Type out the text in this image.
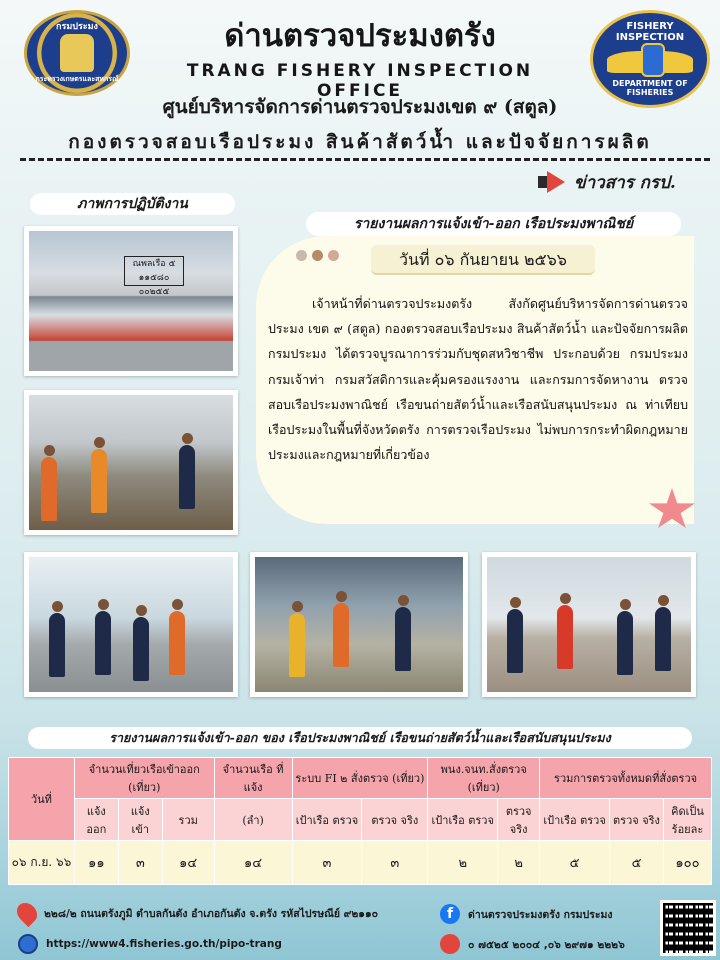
กรมประมง
กระทรวงเกษตรและสหกรณ์
ด่านตรวจประมงตรัง
TRANG FISHERY INSPECTION OFFICE
ศูนย์บริหารจัดการด่านตรวจประมงเขต ๙ (สตูล)
กองตรวจสอบเรือประมง สินค้าสัตว์น้ำ และปัจจัยการผลิต
FISHERY INSPECTION
DEPARTMENT OF FISHERIES
ข่าวสาร กรป.
ภาพการปฏิบัติงาน
ณพลเรือ ๕
๑๑๕๘๐ ๐๐๒๕๕
รายงานผลการแจ้งเข้า-ออก เรือประมงพาณิชย์
วันที่ ๐๖ กันยายน ๒๕๖๖
เจ้าหน้าที่ด่านตรวจประมงตรัง สังกัดศูนย์บริหารจัดการด่านตรวจประมง เขต ๙ (สตูล) กองตรวจสอบเรือประมง สินค้าสัตว์น้ำ และปัจจัยการผลิต กรมประมง ได้ตรวจบูรณาการร่วมกับชุดสหวิชาชีพ ประกอบด้วย กรมประมง กรมเจ้าท่า กรมสวัสดิการและคุ้มครองแรงงาน และกรมการจัดหางาน ตรวจสอบเรือประมงพาณิชย์ เรือขนถ่ายสัตว์น้ำและเรือสนับสนุนประมง ณ ท่าเทียบเรือประมงในพื้นที่จังหวัดตรัง การตรวจเรือประมง ไม่พบการกระทำผิดกฎหมายประมงและกฎหมายที่เกี่ยวข้อง
รายงานผลการแจ้งเข้า-ออก ของ เรือประมงพาณิชย์ เรือขนถ่ายสัตว์น้ำและเรือสนับสนุนประมง
วันที่	จำนวนเที่ยวเรือเข้าออก (เที่ยว)			จำนวนเรือ ที่แจ้ง	ระบบ FI ๒ สั่งตรวจ (เที่ยว)		พนง.จนท.สั่งตรวจ (เที่ยว)		รวมการตรวจทั้งหมดที่สั่งตรวจ		
	แจ้ง ออก	แจ้ง เข้า	รวม	(ลำ)	เป้าเรือ ตรวจ	ตรวจ จริง	เป้าเรือ ตรวจ	ตรวจ จริง	เป้าเรือ ตรวจ	ตรวจ จริง	คิดเป็น ร้อยละ
๐๖ ก.ย. ๖๖	๑๑	๓	๑๔	๑๔	๓	๓	๒	๒	๕	๕	๑๐๐
๒๒๘/๒ ถนนตรังภูมิ ตำบลกันตัง อำเภอกันตัง จ.ตรัง รหัสไปรษณีย์ ๙๒๑๑๐
https://www4.fisheries.go.th/pipo-trang
f	ด่านตรวจประมงตรัง กรมประมง
๐ ๗๕๒๕ ๒๐๐๔ ,๐๖ ๒๙๗๑ ๒๒๒๖
